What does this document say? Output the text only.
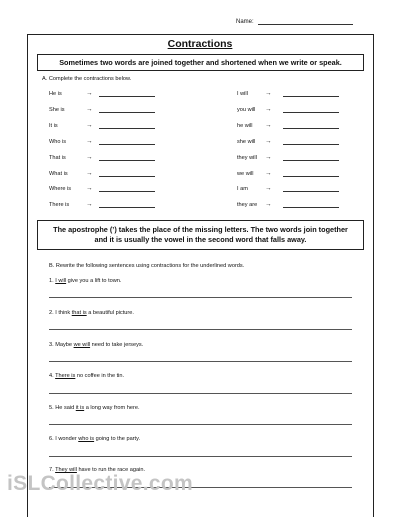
Name:
Contractions
Sometimes two words are joined together and shortened when we write or speak.
A. Complete the contractions below.
He is	→
She is	→
It is	→
Who is	→
That is	→
What is	→
Where is →
There is	→
I will	→
you will →
he will →
she will →
they will →
we will →
I am	→
they are →
The apostrophe (’) takes the place of the missing letters. The two words join together and it is usually the vowel in the second word that falls away.
B. Rewrite the following sentences using contractions for the underlined words.
1. I will give you a lift to town.
2. I think that is a beautiful picture.
3. Maybe we will need to take jerseys.
4. There is no coffee in the tin.
5. He said it is a long way from here.
6. I wonder who is going to the party.
7. They will have to run the race again.
iSLCollective.com
